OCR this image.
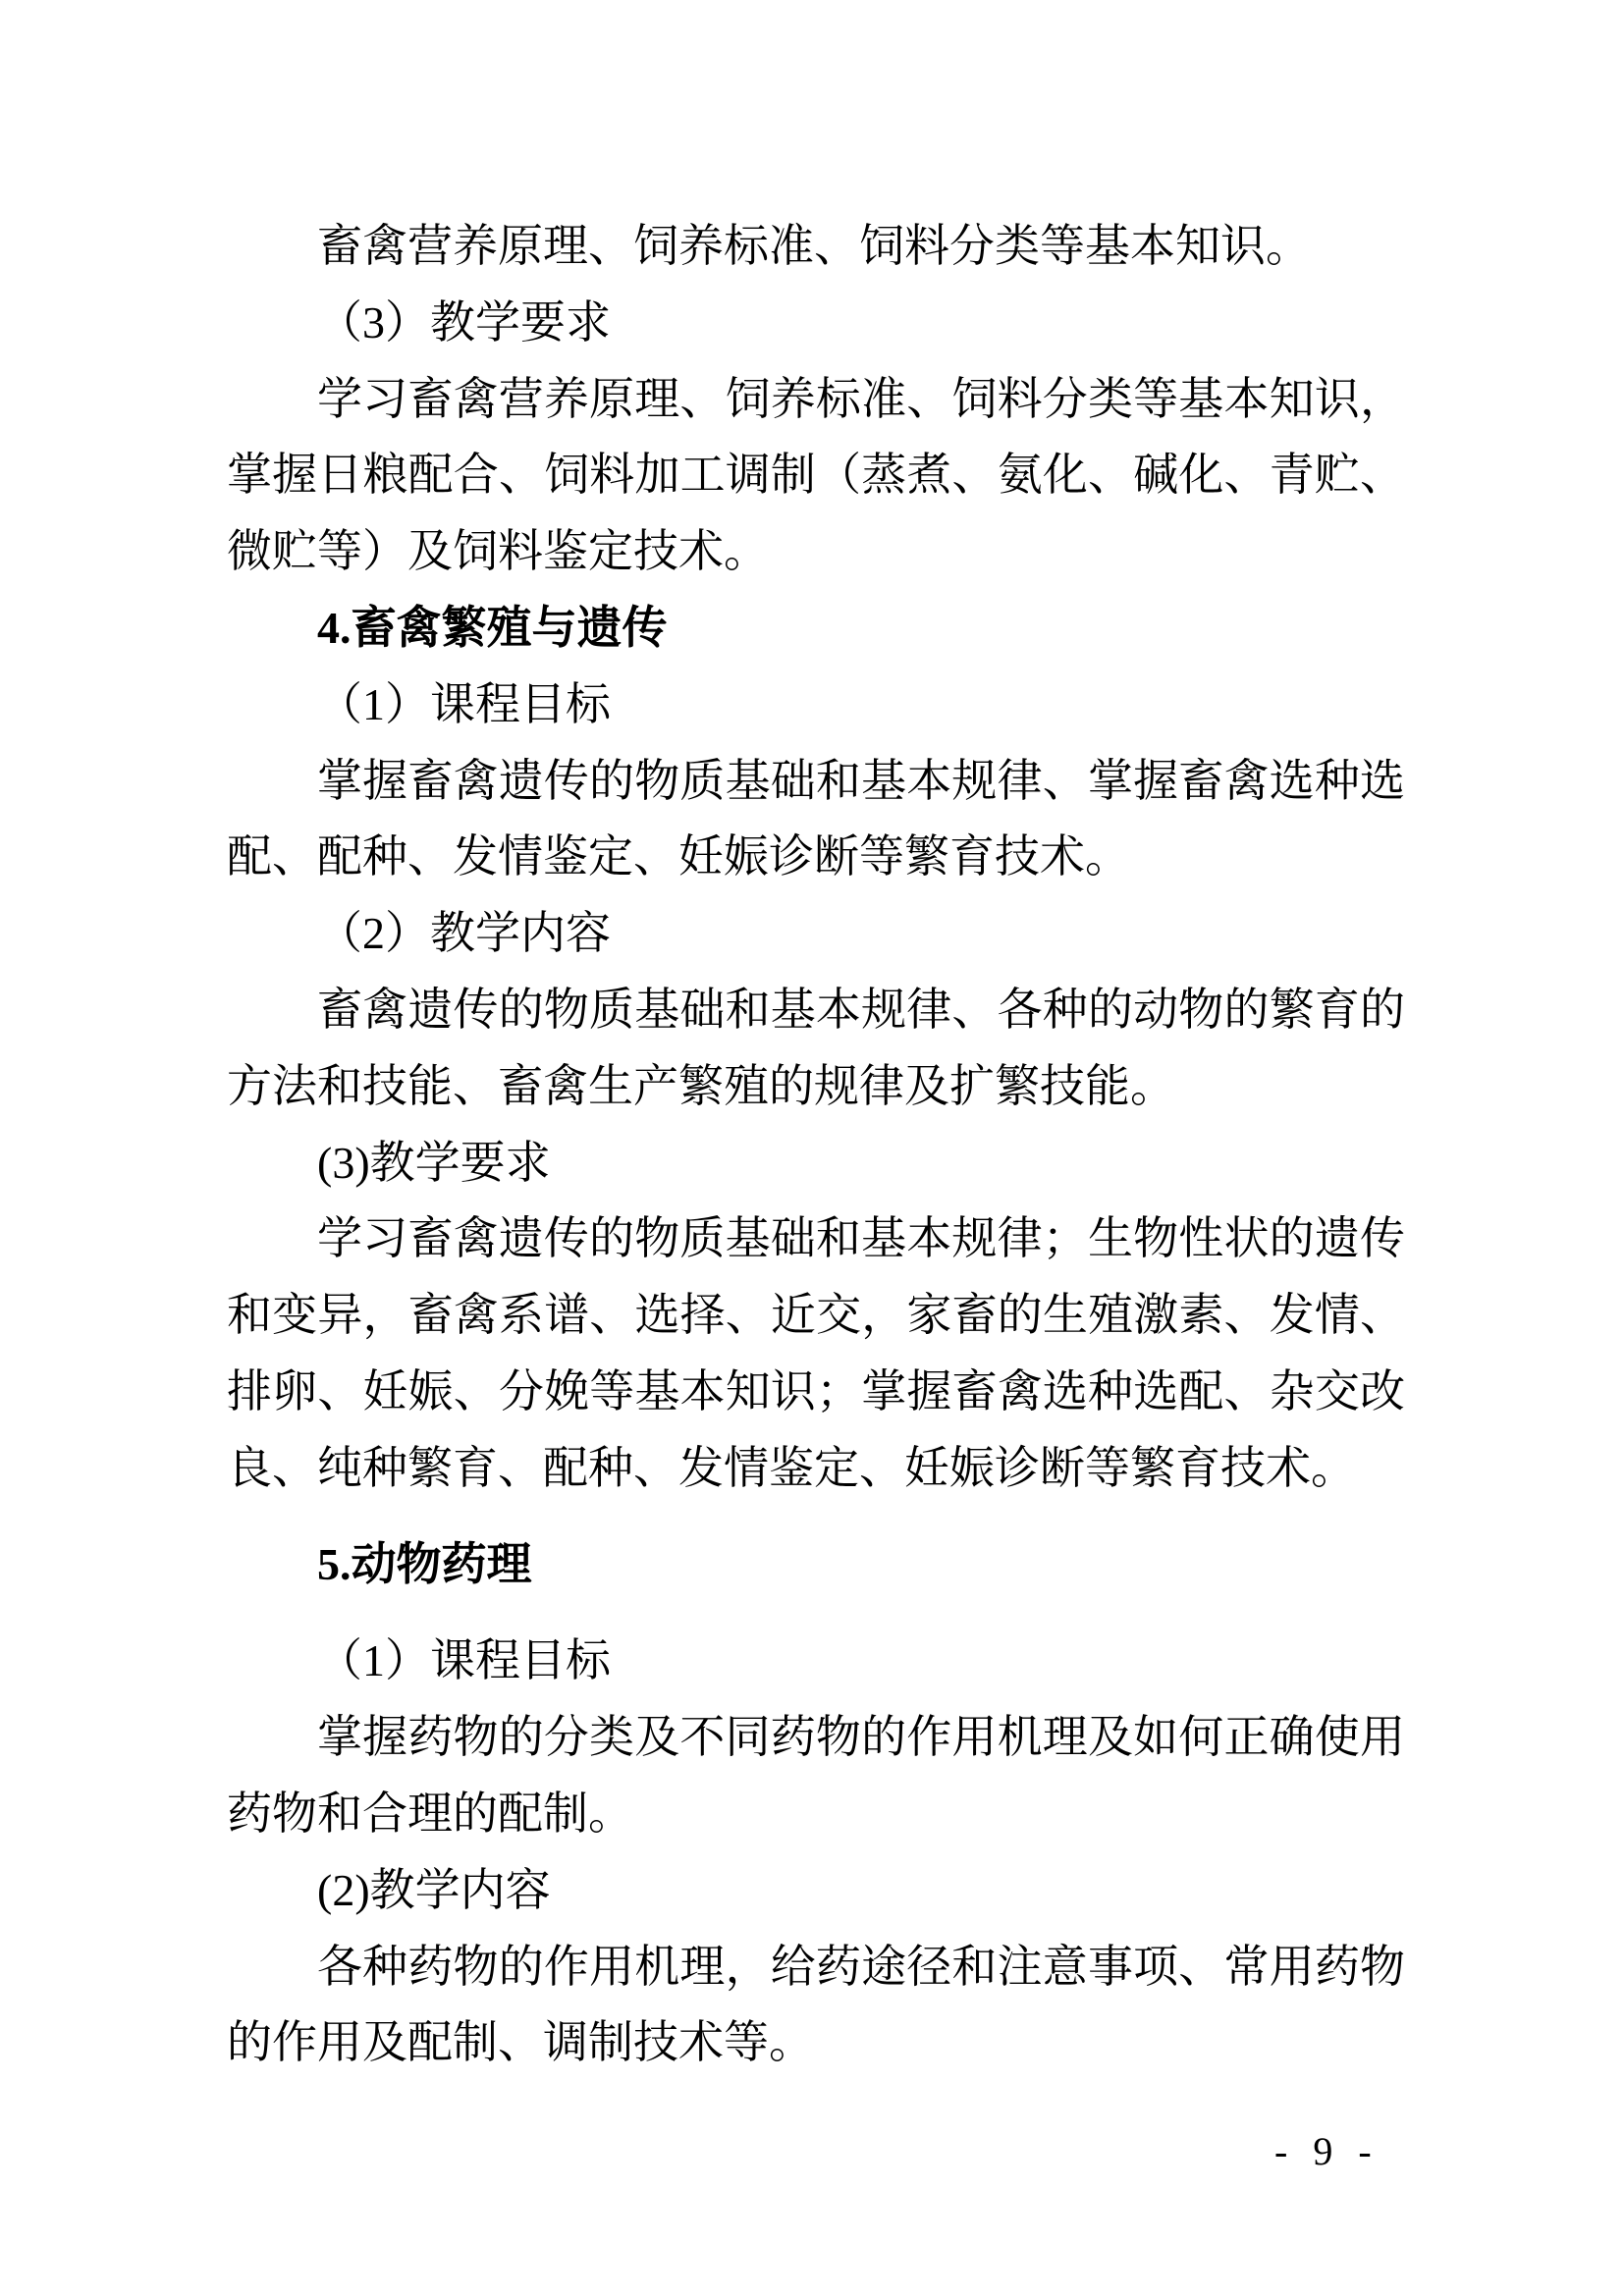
畜禽营养原理、饲养标准、饲料分类等基本知识。

（3）教学要求

学习畜禽营养原理、饲养标准、饲料分类等基本知识，掌握日粮配合、饲料加工调制（蒸煮、氨化、碱化、青贮、微贮等）及饲料鉴定技术。

4.畜禽繁殖与遗传

（1）课程目标

掌握畜禽遗传的物质基础和基本规律、掌握畜禽选种选配、配种、发情鉴定、妊娠诊断等繁育技术。

（2）教学内容

畜禽遗传的物质基础和基本规律、各种的动物的繁育的方法和技能、畜禽生产繁殖的规律及扩繁技能。

(3)教学要求

学习畜禽遗传的物质基础和基本规律；生物性状的遗传和变异，畜禽系谱、选择、近交，家畜的生殖激素、发情、排卵、妊娠、分娩等基本知识；掌握畜禽选种选配、杂交改良、纯种繁育、配种、发情鉴定、妊娠诊断等繁育技术。

5.动物药理

（1）课程目标

掌握药物的分类及不同药物的作用机理及如何正确使用药物和合理的配制。

(2)教学内容

各种药物的作用机理，给药途径和注意事项、常用药物的作用及配制、调制技术等。

- 9 -
